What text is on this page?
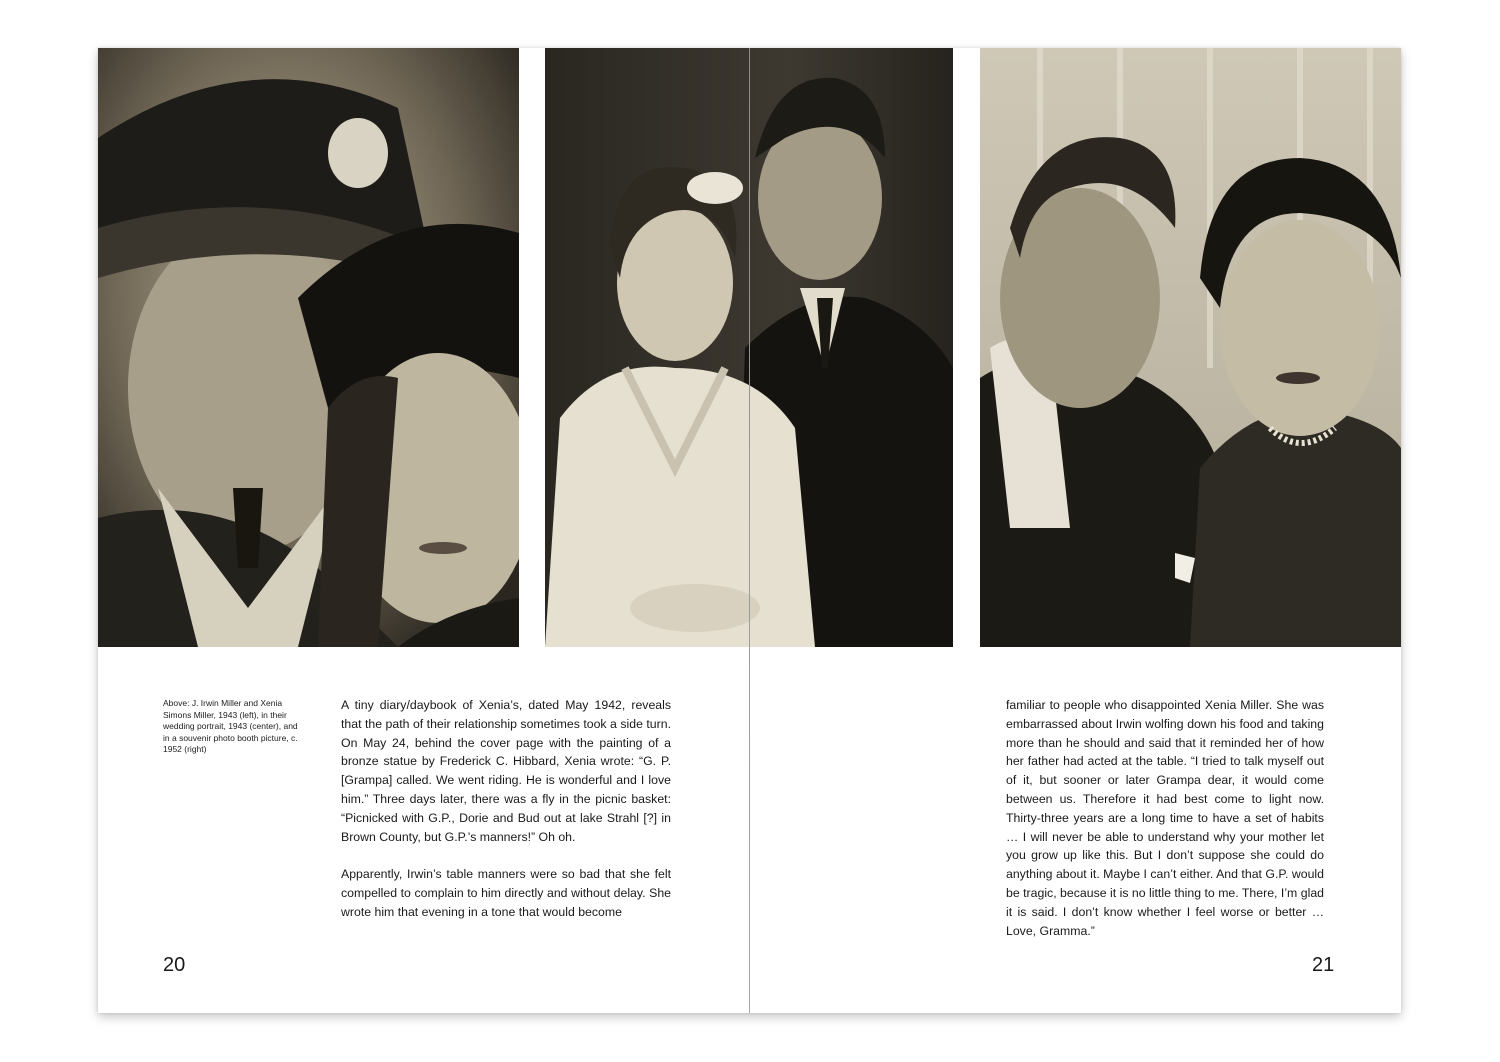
Above: J. Irwin Miller and Xenia Simons Miller, 1943 (left), in their wedding portrait, 1943 (center), and in a souvenir photo booth picture, c. 1952 (right)

A tiny diary/daybook of Xenia’s, dated May 1942, reveals that the path of their relationship sometimes took a side turn. On May 24, behind the cover page with the painting of a bronze statue by Frederick C. Hibbard, Xenia wrote: “G. P. [Grampa] called. We went riding. He is wonderful and I love him.” Three days later, there was a fly in the picnic basket: “Picnicked with G.P., Dorie and Bud out at lake Strahl [?] in Brown County, but G.P.’s manners!” Oh oh.

Apparently, Irwin’s table manners were so bad that she felt compelled to complain to him directly and without delay. She wrote him that evening in a tone that would become

familiar to people who disappointed Xenia Miller. She was embarrassed about Irwin wolfing down his food and taking more than he should and said that it reminded her of how her father had acted at the table. “I tried to talk myself out of it, but sooner or later Grampa dear, it would come between us. Therefore it had best come to light now. Thirty-three years are a long time to have a set of habits … I will never be able to understand why your mother let you grow up like this. But I don’t suppose she could do anything about it. Maybe I can’t either. And that G.P. would be tragic, because it is no little thing to me. There, I’m glad it is said. I don’t know whether I feel worse or better … Love, Gramma.”

20	21
